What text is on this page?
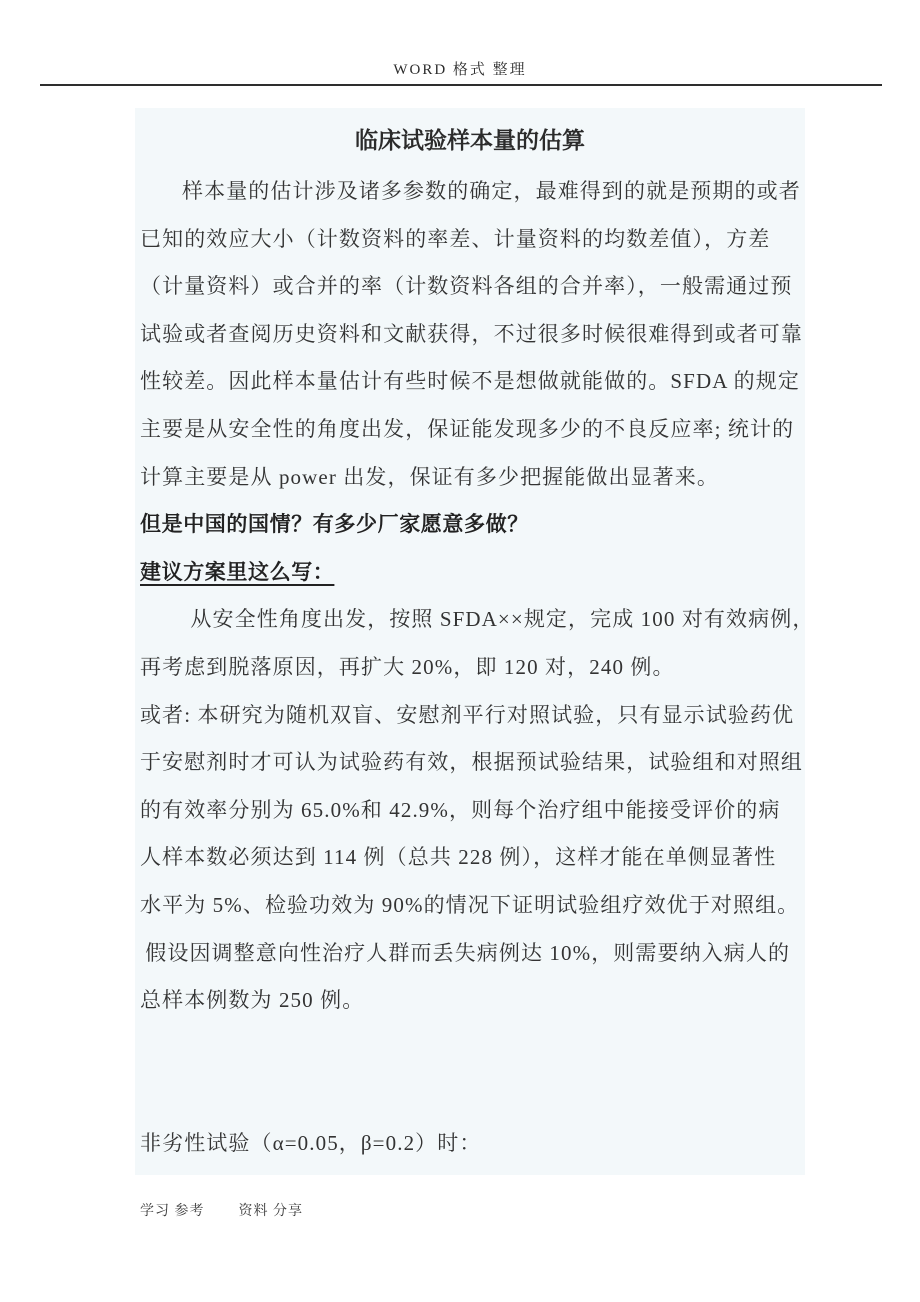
WORD 格式 整理
临床试验样本量的估算
样本量的估计涉及诸多参数的确定，最难得到的就是预期的或者
已知的效应大小（计数资料的率差、计量资料的均数差值），方差
（计量资料）或合并的率（计数资料各组的合并率），一般需通过预
试验或者查阅历史资料和文献获得，不过很多时候很难得到或者可靠
性较差。因此样本量估计有些时候不是想做就能做的。SFDA 的规定
主要是从安全性的角度出发，保证能发现多少的不良反应率; 统计的
计算主要是从 power 出发，保证有多少把握能做出显著来。
但是中国的国情？有多少厂家愿意多做？
建议方案里这么写：
从安全性角度出发，按照 SFDA××规定，完成 100 对有效病例，
再考虑到脱落原因，再扩大 20%，即 120 对，240 例。
或者: 本研究为随机双盲、安慰剂平行对照试验，只有显示试验药优
于安慰剂时才可认为试验药有效，根据预试验结果，试验组和对照组
的有效率分别为 65.0%和 42.9%，则每个治疗组中能接受评价的病
人样本数必须达到 114 例（总共 228 例），这样才能在单侧显著性
水平为 5%、检验功效为 90%的情况下证明试验组疗效优于对照组。
假设因调整意向性治疗人群而丢失病例达 10%，则需要纳入病人的
总样本例数为 250 例。
非劣性试验（α=0.05，β=0.2）时：
学习 参考 资料 分享
